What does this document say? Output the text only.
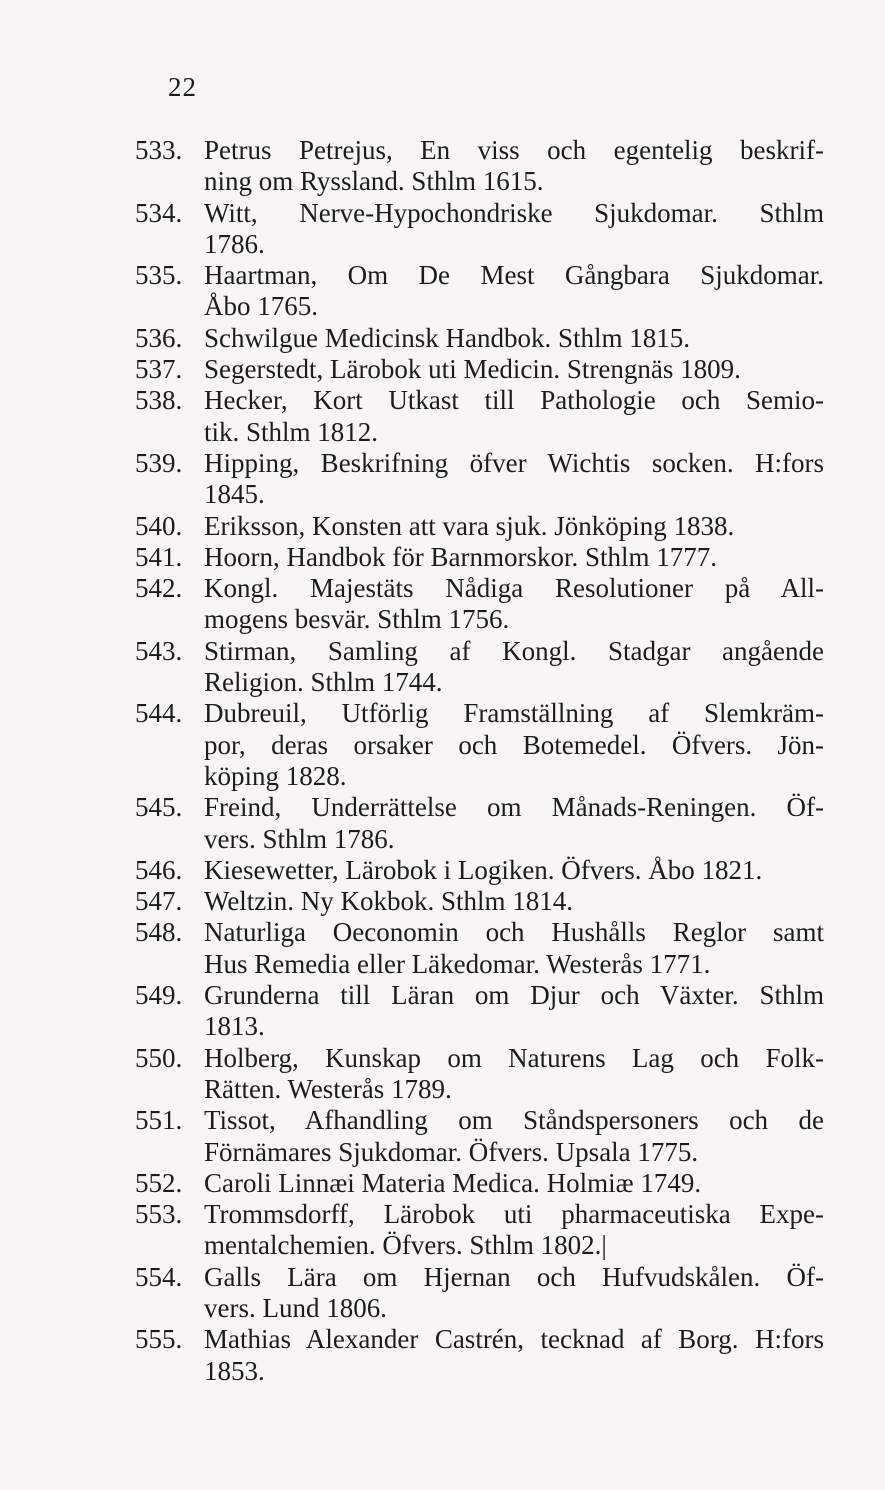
22
533. Petrus Petrejus, En viss och egentelig beskrif-
ning om Ryssland. Sthlm 1615.
534. Witt, Nerve-Hypochondriske Sjukdomar. Sthlm
1786.
535. Haartman, Om De Mest Gångbara Sjukdomar.
Åbo 1765.
536. Schwilgue Medicinsk Handbok. Sthlm 1815.
537. Segerstedt, Lärobok uti Medicin. Strengnäs 1809.
538. Hecker, Kort Utkast till Pathologie och Semio-
tik. Sthlm 1812.
539. Hipping, Beskrifning öfver Wichtis socken. H:fors
1845.
540. Eriksson, Konsten att vara sjuk. Jönköping 1838.
541. Hoorn, Handbok för Barnmorskor. Sthlm 1777.
542. Kongl. Majestäts Nådiga Resolutioner på All-
mogens besvär. Sthlm 1756.
543. Stirman, Samling af Kongl. Stadgar angående
Religion. Sthlm 1744.
544. Dubreuil, Utförlig Framställning af Slemkräm-
por, deras orsaker och Botemedel. Öfvers. Jön-
köping 1828.
545. Freind, Underrättelse om Månads-Reningen. Öf-
vers. Sthlm 1786.
546. Kiesewetter, Lärobok i Logiken. Öfvers. Åbo 1821.
547. Weltzin. Ny Kokbok. Sthlm 1814.
548. Naturliga Oeconomin och Hushålls Reglor samt
Hus Remedia eller Läkedomar. Westerås 1771.
549. Grunderna till Läran om Djur och Växter. Sthlm
1813.
550. Holberg, Kunskap om Naturens Lag och Folk-
Rätten. Westerås 1789.
551. Tissot, Afhandling om Ståndspersoners och de
Förnämares Sjukdomar. Öfvers. Upsala 1775.
552. Caroli Linnæi Materia Medica. Holmiæ 1749.
553. Trommsdorff, Lärobok uti pharmaceutiska Expe-
mentalchemien. Öfvers. Sthlm 1802.|
554. Galls Lära om Hjernan och Hufvudskålen. Öf-
vers. Lund 1806.
555. Mathias Alexander Castrén, tecknad af Borg. H:fors
1853.
